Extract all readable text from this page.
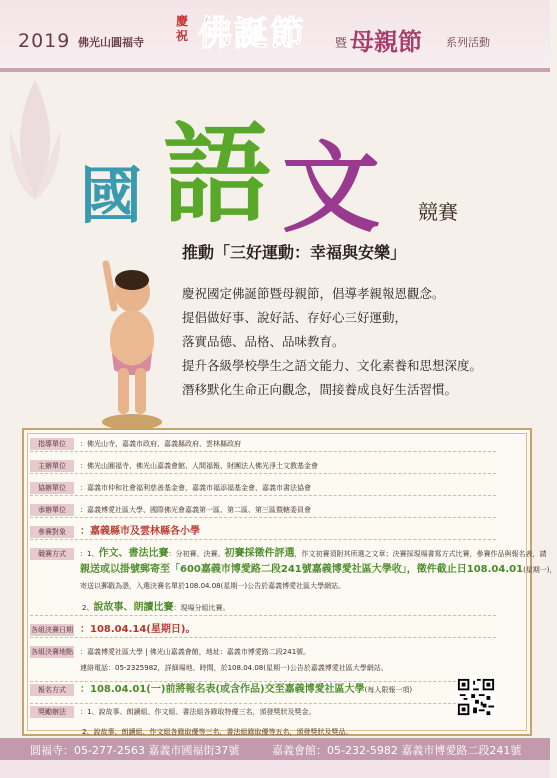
2019 佛光山圓福寺
慶祝 佛誕節 暨 母親節 系列活動
國 語 文 競賽
推動「三好運動：幸福與安樂」
慶祝國定佛誕節暨母親節，倡導孝親報恩觀念。
提倡做好事、說好話、存好心三好運動，
落實品德、品格、品味教育。
提升各級學校學生之語文能力、文化素養和思想深度。
潛移默化生命正向觀念，間接養成良好生活習慣。
指導單位	：佛光山寺、嘉義市政府、嘉義縣政府、雲林縣政府
主辦單位	：佛光山圓福寺、佛光山嘉義會館、人間福報、財團法人佛光淨土文教基金會
協辦單位	：嘉義市仲和社會福利慈善基金會、嘉義市福添福基金會、嘉義市書法協會
承辦單位	：嘉義博愛社區大學、國際佛光會嘉義第一區、第二區、第三區暨轄委員會
參賽對象	：嘉義縣市及雲林縣各小學
競賽方式	：1、作文、書法比賽：分初賽、決賽。初賽採徵件評選，作文初賽須附其所選之文章；決賽採現場書寫方式比賽，參賽作品與報名表，請
親送或以掛號郵寄至「600嘉義市博愛路二段241號嘉義博愛社區大學收」，徵件截止日108.04.01(星期一)，
寄送以郵戳為憑，入選決賽名單於108.04.08(星期一)公告於嘉義博愛社區大學網站。
2、說故事、朗讀比賽：現場分組比賽。
各組決賽日期 ：108.04.14(星期日)。
各組決賽地點 ：嘉義博愛社區大學 | 佛光山嘉義會館，地址：嘉義市博愛路二段241號。
連絡電話：05-2325982，詳細場地、時間，於108.04.08(星期一)公告於嘉義博愛社區大學網站。
報名方式	：108.04.01(一)前將報名表(或含作品)交至嘉義博愛社區大學(每人限報一項)
獎勵辦法	：1、說故事、朗讀組、作文組、書法組各錄取特優三名，頒發獎狀及獎金。
2、說故事、朗讀組、作文組各錄取優等三名，書法組錄取優等五名，頒發獎狀及獎品。
圓福寺：05-277-2563 嘉義市國福街37號	嘉義會館：05-232-5982 嘉義市博愛路二段241號
